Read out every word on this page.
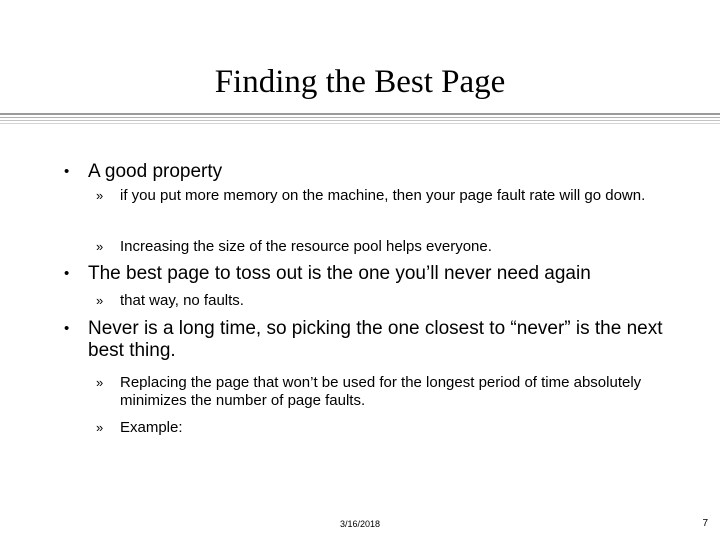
Finding the Best Page
• A good property
» if you put more memory on the machine, then your page fault rate will go down.
» Increasing the size of the resource pool helps everyone.
• The best page to toss out is the one you’ll never need again
» that way, no faults.
• Never is a long time, so picking the one closest to “never” is the next best thing.
» Replacing the page that won’t be used for the longest period of time absolutely minimizes the number of page faults.
» Example:
3/16/2018	7
